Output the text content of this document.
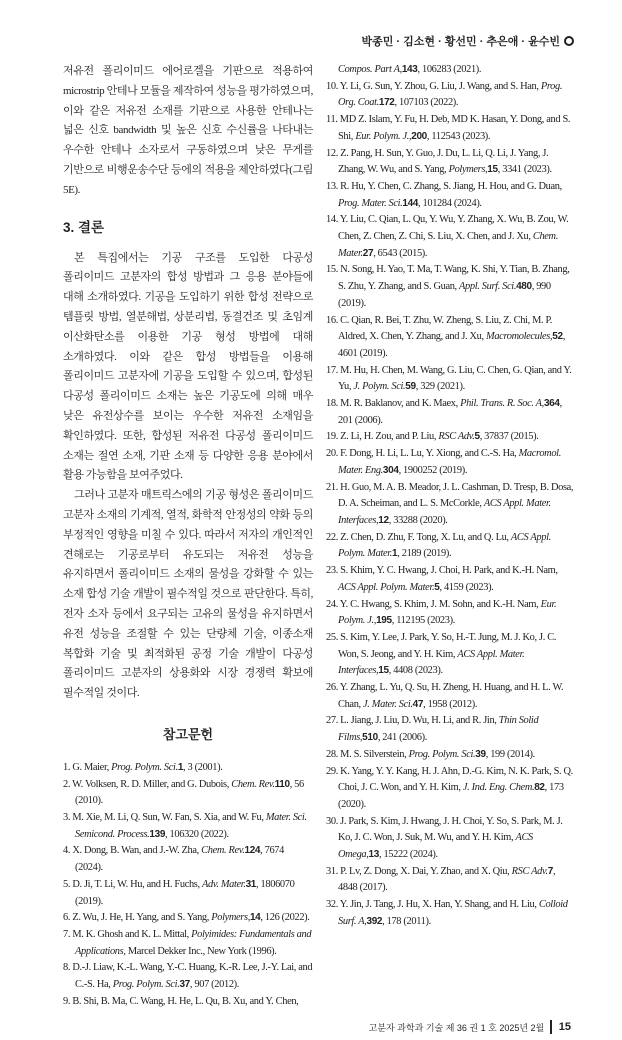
박종민 · 김소현 · 황선민 · 추은애 · 윤수빈

저유전 폴리이미드 에어로겔을 기판으로 적용하여 microstrip 안테나 모듈을 제작하여 성능을 평가하였으며, 이와 같은 저유전 소재를 기판으로 사용한 안테나는 넓은 신호 bandwidth 및 높은 신호 수신률을 나타내는 우수한 안테나 소자로서 구동하였으며 낮은 무게를 기반으로 비행운송수단 등에의 적용을 제안하였다(그림 5E).

3. 결론

본 특집에서는 기공 구조를 도입한 다공성 폴리이미드 고분자의 합성 방법과 그 응용 분야들에 대해 소개하였다. 기공을 도입하기 위한 합성 전략으로 템플릿 방법, 열분해법, 상분리법, 동결건조 및 초임계 이산화탄소를 이용한 기공 형성 방법에 대해 소개하였다. 이와 같은 합성 방법들을 이용해 폴리이미드 고분자에 기공을 도입할 수 있으며, 합성된 다공성 폴리이미드 소재는 높은 기공도에 의해 매우 낮은 유전상수를 보이는 우수한 저유전 소재임을 확인하였다. 또한, 합성된 저유전 다공성 폴리이미드 소재는 절연 소재, 기판 소재 등 다양한 응용 분야에서 활용 가능함을 보여주었다.

그러나 고분자 매트릭스에의 기공 형성은 폴리이미드 고분자 소재의 기계적, 열적, 화학적 안정성의 약화 등의 부정적인 영향을 미칠 수 있다. 따라서 저자의 개인적인 견해로는 기공로부터 유도되는 저유전 성능을 유지하면서 폴리이미드 소재의 물성을 강화할 수 있는 소재 합성 기술 개발이 필수적일 것으로 판단한다. 특히, 전자 소자 등에서 요구되는 고유의 물성을 유지하면서 유전 성능을 조절할 수 있는 단량체 기술, 이종소재 복합화 기술 및 최적화된 공정 기술 개발이 다공성 폴리이미드 고분자의 상용화와 시장 경쟁력 확보에 필수적일 것이다.

참고문헌
1. G. Maier, Prog. Polym. Sci.1, 3 (2001).
2. W. Volksen, R. D. Miller, and G. Dubois, Chem. Rev.110, 56 (2010).
3. M. Xie, M. Li, Q. Sun, W. Fan, S. Xia, and W. Fu, Mater. Sci. Semicond. Process.139, 106320 (2022).
4. X. Dong, B. Wan, and J.-W. Zha, Chem. Rev.124, 7674 (2024).
5. D. Ji, T. Li, W. Hu, and H. Fuchs, Adv. Mater.31, 1806070 (2019).
6. Z. Wu, J. He, H. Yang, and S. Yang, Polymers,14, 126 (2022).
7. M. K. Ghosh and K. L. Mittal, Polyimides: Fundamentals and Applications, Marcel Dekker Inc., New York (1996).
8. D.-J. Liaw, K.-L. Wang, Y.-C. Huang, K.-R. Lee, J.-Y. Lai, and C.-S. Ha, Prog. Polym. Sci.37, 907 (2012).
9. B. Shi, B. Ma, C. Wang, H. He, L. Qu, B. Xu, and Y. Chen,
Compos. Part A,143, 106283 (2021).
10. Y. Li, G. Sun, Y. Zhou, G. Liu, J. Wang, and S. Han, Prog. Org. Coat.172, 107103 (2022).
11. MD Z. Islam, Y. Fu, H. Deb, MD K. Hasan, Y. Dong, and S. Shi, Eur. Polym. J.,200, 112543 (2023).
12. Z. Pang, H. Sun, Y. Guo, J. Du, L. Li, Q. Li, J. Yang, J. Zhang, W. Wu, and S. Yang, Polymers,15, 3341 (2023).
13. R. Hu, Y. Chen, C. Zhang, S. Jiang, H. Hou, and G. Duan, Prog. Mater. Sci.144, 101284 (2024).
14. Y. Liu, C. Qian, L. Qu, Y. Wu, Y. Zhang, X. Wu, B. Zou, W. Chen, Z. Chen, Z. Chi, S. Liu, X. Chen, and J. Xu, Chem. Mater.27, 6543 (2015).
15. N. Song, H. Yao, T. Ma, T. Wang, K. Shi, Y. Tian, B. Zhang, S. Zhu, Y. Zhang, and S. Guan, Appl. Surf. Sci.480, 990 (2019).
16. C. Qian, R. Bei, T. Zhu, W. Zheng, S. Liu, Z. Chi, M. P. Aldred, X. Chen, Y. Zhang, and J. Xu, Macromolecules,52, 4601 (2019).
17. M. Hu, H. Chen, M. Wang, G. Liu, C. Chen, G. Qian, and Y. Yu, J. Polym. Sci.59, 329 (2021).
18. M. R. Baklanov, and K. Maex, Phil. Trans. R. Soc. A,364, 201 (2006).
19. Z. Li, H. Zou, and P. Liu, RSC Adv.5, 37837 (2015).
20. F. Dong, H. Li, L. Lu, Y. Xiong, and C.-S. Ha, Macromol. Mater. Eng.304, 1900252 (2019).
21. H. Guo, M. A. B. Meador, J. L. Cashman, D. Tresp, B. Dosa, D. A. Scheiman, and L. S. McCorkle, ACS Appl. Mater. Interfaces,12, 33288 (2020).
22. Z. Chen, D. Zhu, F. Tong, X. Lu, and Q. Lu, ACS Appl. Polym. Mater.1, 2189 (2019).
23. S. Khim, Y. C. Hwang, J. Choi, H. Park, and K.-H. Nam, ACS Appl. Polym. Mater.5, 4159 (2023).
24. Y. C. Hwang, S. Khim, J. M. Sohn, and K.-H. Nam, Eur. Polym. J.,195, 112195 (2023).
25. S. Kim, Y. Lee, J. Park, Y. So, H.-T. Jung, M. J. Ko, J. C. Won, S. Jeong, and Y. H. Kim, ACS Appl. Mater. Interfaces,15, 4408 (2023).
26. Y. Zhang, L. Yu, Q. Su, H. Zheng, H. Huang, and H. L. W. Chan, J. Mater. Sci.47, 1958 (2012).
27. L. Jiang, J. Liu, D. Wu, H. Li, and R. Jin, Thin Solid Films,510, 241 (2006).
28. M. S. Silverstein, Prog. Polym. Sci.39, 199 (2014).
29. K. Yang, Y. Y. Kang, H. J. Ahn, D.-G. Kim, N. K. Park, S. Q. Choi, J. C. Won, and Y. H. Kim, J. Ind. Eng. Chem.82, 173 (2020).
30. J. Park, S. Kim, J. Hwang, J. H. Choi, Y. So, S. Park, M. J. Ko, J. C. Won, J. Suk, M. Wu, and Y. H. Kim, ACS Omega,13, 15222 (2024).
31. P. Lv, Z. Dong, X. Dai, Y. Zhao, and X. Qiu, RSC Adv.7, 4848 (2017).
32. Y. Jin, J. Tang, J. Hu, X. Han, Y. Shang, and H. Liu, Colloid Surf. A,392, 178 (2011).
고분자 과학과 기술 제 36 권 1 호 2025년 2월 15
